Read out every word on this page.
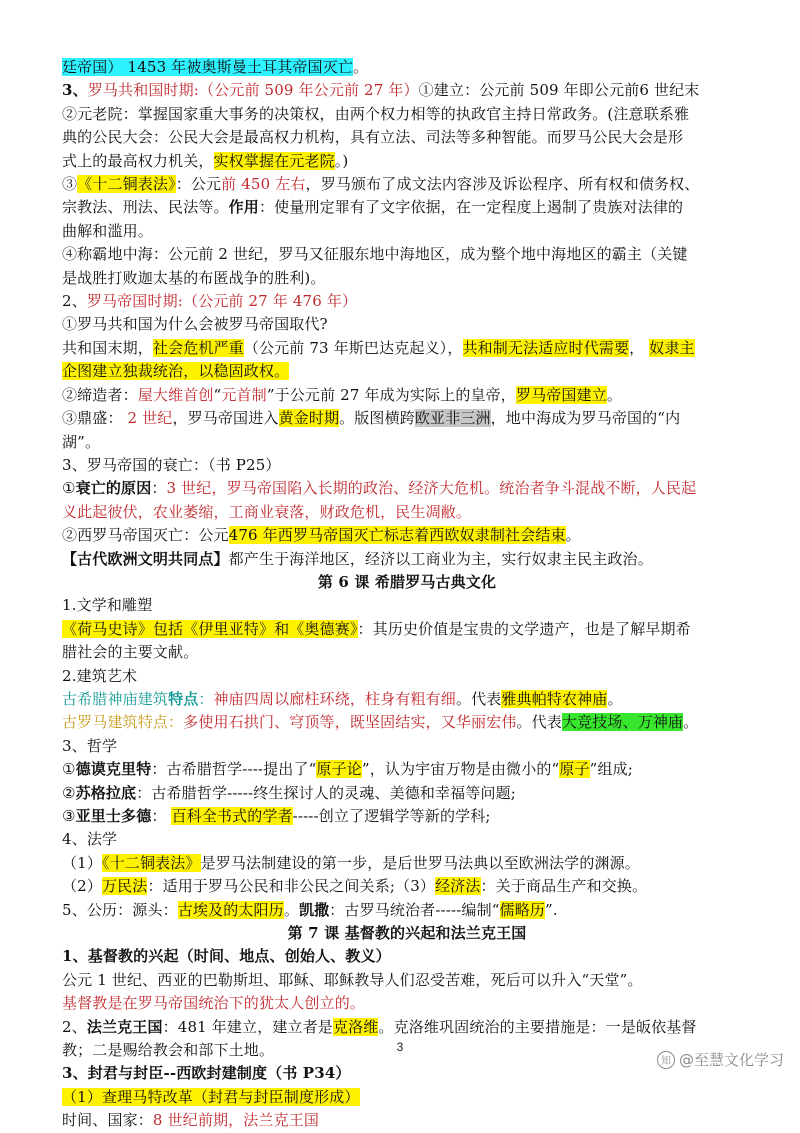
廷帝国） 1453 年被奥斯曼土耳其帝国灭亡。
3、罗马共和国时期:（公元前 509 年公元前 27 年）①建立：公元前 509 年即公元前6 世纪末
②元老院：掌握国家重大事务的决策权，由两个权力相等的执政官主持日常政务。(注意联系雅
典的公民大会：公民大会是最高权力机构，具有立法、司法等多种智能。而罗马公民大会是形
式上的最高权力机关，实权掌握在元老院。)
③《十二铜表法》：公元前 450 左右，罗马颁布了成文法内容涉及诉讼程序、所有权和债务权、
宗教法、刑法、民法等。作用：使量刑定罪有了文字依据，在一定程度上遏制了贵族对法律的
曲解和滥用。
④称霸地中海：公元前 2 世纪，罗马又征服东地中海地区，成为整个地中海地区的霸主（关键
是战胜打败迦太基的布匿战争的胜利)。
2、罗马帝国时期:（公元前 27 年 476 年）
①罗马共和国为什么会被罗马帝国取代?
共和国末期，社会危机严重（公元前 73 年斯巴达克起义），共和制无法适应时代需要， 奴隶主
企图建立独裁统治，以稳固政权。
②缔造者：屋大维首创“元首制”于公元前 27 年成为实际上的皇帝，罗马帝国建立。
③鼎盛： 2 世纪，罗马帝国进入黄金时期。版图横跨欧亚非三洲，地中海成为罗马帝国的“内
湖”。
3、罗马帝国的衰亡：（书 P25）
①衰亡的原因：3 世纪，罗马帝国陷入长期的政治、经济大危机。统治者争斗混战不断，人民起
义此起彼伏，农业萎缩，工商业衰落，财政危机，民生凋敝。
②西罗马帝国灭亡：公元476 年西罗马帝国灭亡标志着西欧奴隶制社会结束。
【古代欧洲文明共同点】都产生于海洋地区，经济以工商业为主，实行奴隶主民主政治。
第 6 课 希腊罗马古典文化
1.文学和雕塑
《荷马史诗》包括《伊里亚特》和《奥德赛》：其历史价值是宝贵的文学遗产，也是了解早期希
腊社会的主要文献。
2.建筑艺术
古希腊神庙建筑特点：神庙四周以廊柱环绕，柱身有粗有细。代表雅典帕特农神庙。
古罗马建筑特点：多使用石拱门、穹顶等，既坚固结实，又华丽宏伟。代表大竞技场、万神庙。
3、哲学
①德谟克里特：古希腊哲学----提出了“原子论”，认为宇宙万物是由微小的“原子”组成;
②苏格拉底：古希腊哲学-----终生探讨人的灵魂、美德和幸福等问题;
③亚里士多德： 百科全书式的学者-----创立了逻辑学等新的学科;
4、法学
（1）《十二铜表法》是罗马法制建设的第一步，是后世罗马法典以至欧洲法学的渊源。
（2）万民法：适用于罗马公民和非公民之间关系;（3）经济法：关于商品生产和交换。
5、公历：源头：古埃及的太阳历。凯撒：古罗马统治者-----编制“儒略历”.
第 7 课 基督教的兴起和法兰克王国
1、基督教的兴起（时间、地点、创始人、教义）
公元 1 世纪、西亚的巴勒斯坦、耶稣、耶稣教导人们忍受苦难，死后可以升入“天堂”。
基督教是在罗马帝国统治下的犹太人创立的。
2、法兰克王国：481 年建立，建立者是克洛维。克洛维巩固统治的主要措施是：一是皈依基督
教；二是赐给教会和部下土地。
3、封君与封臣--西欧封建制度（书 P34）
（1）查理马特改革（封君与封臣制度形成）
时间、国家：8 世纪前期，法兰克王国
3
知 @至慧文化学习
